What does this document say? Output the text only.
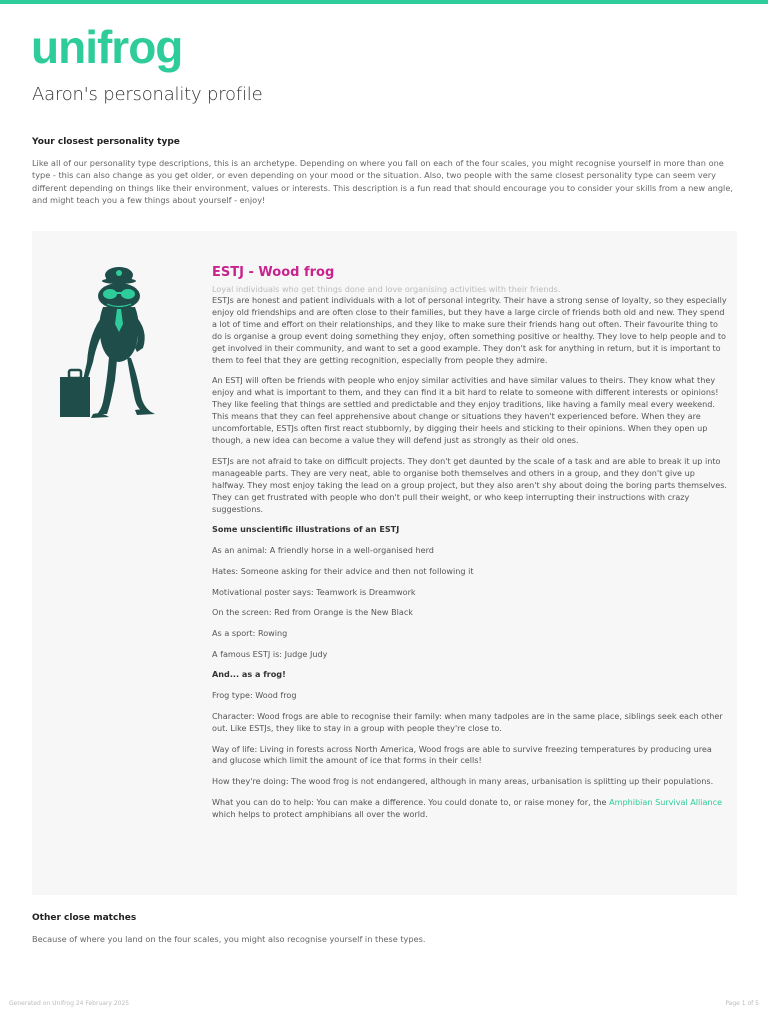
unifrog
Aaron's personality profile
Your closest personality type

Like all of our personality type descriptions, this is an archetype. Depending on where you fall on each of the four scales, you might recognise yourself in more than one type - this can also change as you get older, or even depending on your mood or the situation. Also, two people with the same closest personality type can seem very different depending on things like their environment, values or interests. This description is a fun read that should encourage you to consider your skills from a new angle, and might teach you a few things about yourself - enjoy!

ESTJ - Wood frog

Loyal individuals who get things done and love organising activities with their friends.

ESTJs are honest and patient individuals with a lot of personal integrity. Their have a strong sense of loyalty, so they especially enjoy old friendships and are often close to their families, but they have a large circle of friends both old and new. They spend a lot of time and effort on their relationships, and they like to make sure their friends hang out often. Their favourite thing to do is organise a group event doing something they enjoy, often something positive or healthy. They love to help people and to get involved in their community, and want to set a good example. They don't ask for anything in return, but it is important to them to feel that they are getting recognition, especially from people they admire.

An ESTJ will often be friends with people who enjoy similar activities and have similar values to theirs. They know what they enjoy and what is important to them, and they can find it a bit hard to relate to someone with different interests or opinions! They like feeling that things are settled and predictable and they enjoy traditions, like having a family meal every weekend. This means that they can feel apprehensive about change or situations they haven't experienced before. When they are uncomfortable, ESTJs often first react stubbornly, by digging their heels and sticking to their opinions. When they open up though, a new idea can become a value they will defend just as strongly as their old ones.

ESTJs are not afraid to take on difficult projects. They don't get daunted by the scale of a task and are able to break it up into manageable parts. They are very neat, able to organise both themselves and others in a group, and they don't give up halfway. They most enjoy taking the lead on a group project, but they also aren't shy about doing the boring parts themselves. They can get frustrated with people who don't pull their weight, or who keep interrupting their instructions with crazy suggestions.

Some unscientific illustrations of an ESTJ

As an animal: A friendly horse in a well-organised herd

Hates: Someone asking for their advice and then not following it

Motivational poster says: Teamwork is Dreamwork

On the screen: Red from Orange is the New Black

As a sport: Rowing

A famous ESTJ is: Judge Judy

And... as a frog!

Frog type: Wood frog

Character: Wood frogs are able to recognise their family: when many tadpoles are in the same place, siblings seek each other out. Like ESTJs, they like to stay in a group with people they're close to.

Way of life: Living in forests across North America, Wood frogs are able to survive freezing temperatures by producing urea and glucose which limit the amount of ice that forms in their cells!

How they're doing: The wood frog is not endangered, although in many areas, urbanisation is splitting up their populations.

What you can do to help: You can make a difference. You could donate to, or raise money for, the Amphibian Survival Alliance which helps to protect amphibians all over the world.

Other close matches

Because of where you land on the four scales, you might also recognise yourself in these types.

Generated on Unifrog 24 February 2025	Page 1 of 5
